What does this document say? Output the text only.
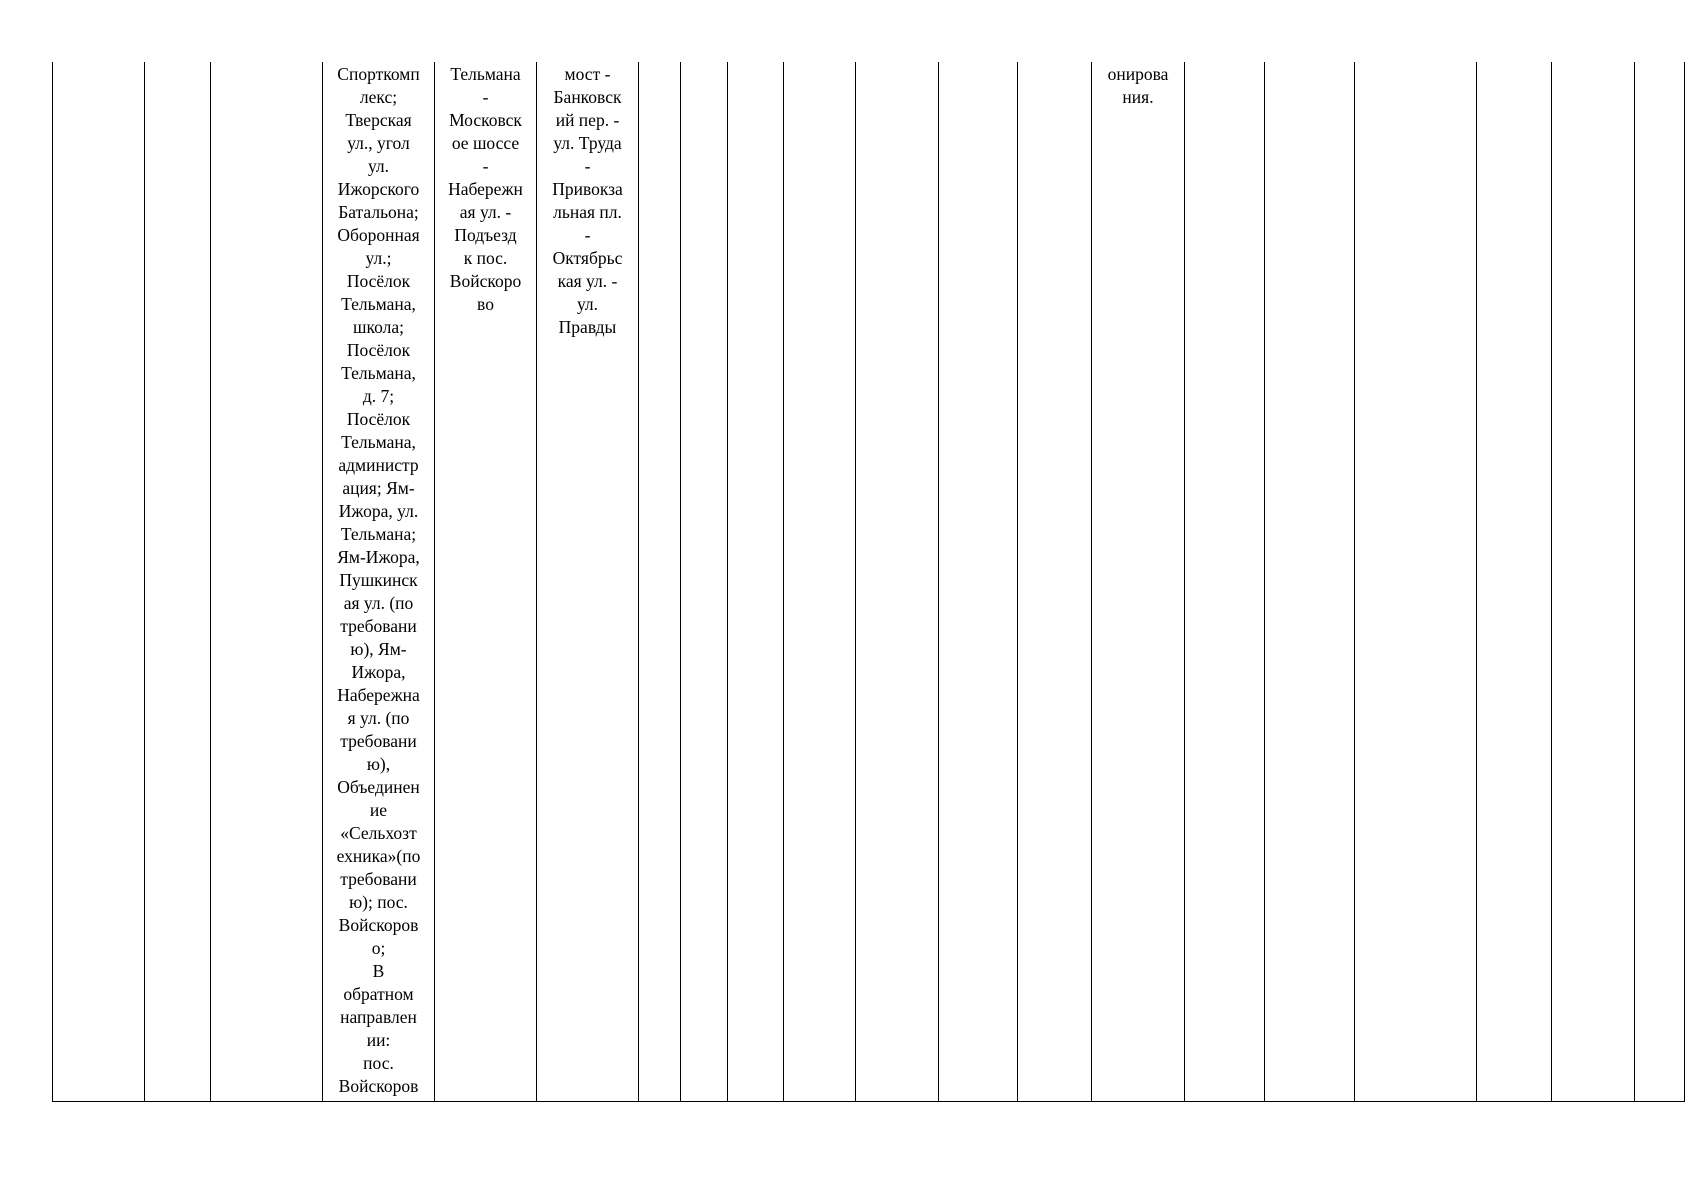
Спорткомп
лекс;
Тверская
ул., угол
ул.
Ижорского
Батальона;
Оборонная
ул.;
Посёлок
Тельмана,
школа;
Посёлок
Тельмана,
д. 7;
Посёлок
Тельмана,
администр
ация; Ям-
Ижора, ул.
Тельмана;
Ям-Ижора,
Пушкинск
ая ул. (по
требовани
ю), Ям-
Ижора,
Набережна
я ул. (по
требовани
ю),
Объединен
ие
«Сельхозт
ехника»(по
требовани
ю); пос.
Войскоров
о;
В
обратном
направлен
ии:
пос.
Войскоров
Тельмана
-
Московск
ое шоссе
-
Набережн
ая ул. -
Подъезд
к пос.
Войскоро
во
мост -
Банковск
ий пер. -
ул. Труда
-
Привокза
льная пл.
-
Октябрьс
кая ул. -
ул.
Правды
онирова
ния.
